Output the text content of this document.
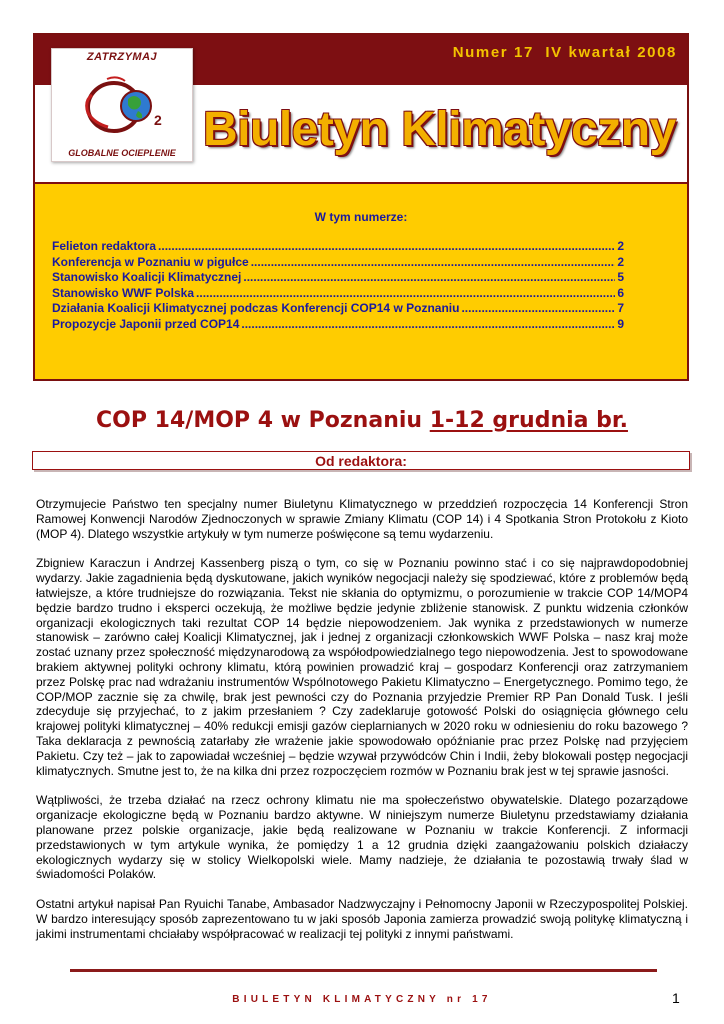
Numer 17  IV kwartał 2008
ZATRZYMAJ
2
GLOBALNE OCIEPLENIE Biuletyn Klimatyczny
W tym numerze:
Felieton redaktora .....	2
Konferencja w Poznaniu w pigułce .....	2
Stanowisko Koalicji Klimatycznej .....	5
Stanowisko WWF Polska .....	6
Działania Koalicji Klimatycznej podczas Konferencji COP14 w Poznaniu .....	7
Propozycje Japonii przed COP14 .....	9
COP 14/MOP 4 w Poznaniu 1-12 grudnia br.
Od redaktora:

Otrzymujecie Państwo ten specjalny numer Biuletynu Klimatycznego w przeddzień rozpoczęcia 14 Konferencji Stron Ramowej Konwencji Narodów Zjednoczonych w sprawie Zmiany Klimatu (COP 14) i 4 Spotkania Stron Protokołu z Kioto (MOP 4). Dlatego wszystkie artykuły w tym numerze poświęcone są temu wydarzeniu.

Zbigniew Karaczun i Andrzej Kassenberg piszą o tym, co się w Poznaniu powinno stać i co się najprawdopodobniej wydarzy. Jakie zagadnienia będą dyskutowane, jakich wyników negocjacji należy się spodziewać, które z problemów będą łatwiejsze, a które trudniejsze do rozwiązania. Tekst nie skłania do optymizmu, o porozumienie w trakcie COP 14/MOP4 będzie bardzo trudno i eksperci oczekują, że możliwe będzie jedynie zbliżenie stanowisk. Z punktu widzenia członków organizacji ekologicznych taki rezultat COP 14 będzie niepowodzeniem. Jak wynika z przedstawionych w numerze stanowisk – zarówno całej Koalicji Klimatycznej, jak i jednej z organizacji członkowskich WWF Polska – nasz kraj może zostać uznany przez społeczność międzynarodową za współodpowiedzialnego tego niepowodzenia. Jest to spowodowane brakiem aktywnej polityki ochrony klimatu, którą powinien prowadzić kraj – gospodarz Konferencji oraz zatrzymaniem przez Polskę prac nad wdrażaniu instrumentów Wspólnotowego Pakietu Klimatyczno – Energetycznego. Pomimo tego, że COP/MOP zacznie się za chwilę, brak jest pewności czy do Poznania przyjedzie Premier RP Pan Donald Tusk. I jeśli zdecyduje się przyjechać, to z jakim przesłaniem ? Czy zadeklaruje gotowość Polski do osiągnięcia głównego celu krajowej polityki klimatycznej – 40% redukcji emisji gazów cieplarnianych w 2020 roku w odniesieniu do roku bazowego ? Taka deklaracja z pewnością zatarłaby złe wrażenie jakie spowodowało opóźnianie prac przez Polskę nad przyjęciem Pakietu. Czy też – jak to zapowiadał wcześniej – będzie wzywał przywódców Chin i Indii, żeby blokowali postęp negocjacji klimatycznych. Smutne jest to, że na kilka dni przez rozpoczęciem rozmów w Poznaniu brak jest w tej sprawie jasności.

Wątpliwości, że trzeba działać na rzecz ochrony klimatu nie ma społeczeństwo obywatelskie. Dlatego pozarządowe organizacje ekologiczne będą w Poznaniu bardzo aktywne. W niniejszym numerze Biuletynu przedstawiamy działania planowane przez polskie organizacje, jakie będą realizowane w Poznaniu w trakcie Konferencji. Z informacji przedstawionych w tym artykule wynika, że pomiędzy 1 a 12 grudnia dzięki zaangażowaniu polskich działaczy ekologicznych wydarzy się w stolicy Wielkopolski wiele. Mamy nadzieje, że działania te pozostawią trwały ślad w świadomości Polaków.

Ostatni artykuł napisał Pan Ryuichi Tanabe, Ambasador Nadzwyczajny i Pełnomocny Japonii w Rzeczypospolitej Polskiej. W bardzo interesujący sposób zaprezentowano tu w jaki sposób Japonia zamierza prowadzić swoją politykę klimatyczną i jakimi instrumentami chciałaby współpracować w realizacji tej polityki z innymi państwami.

BIULETYN KLIMATYCZNY nr 17	1
